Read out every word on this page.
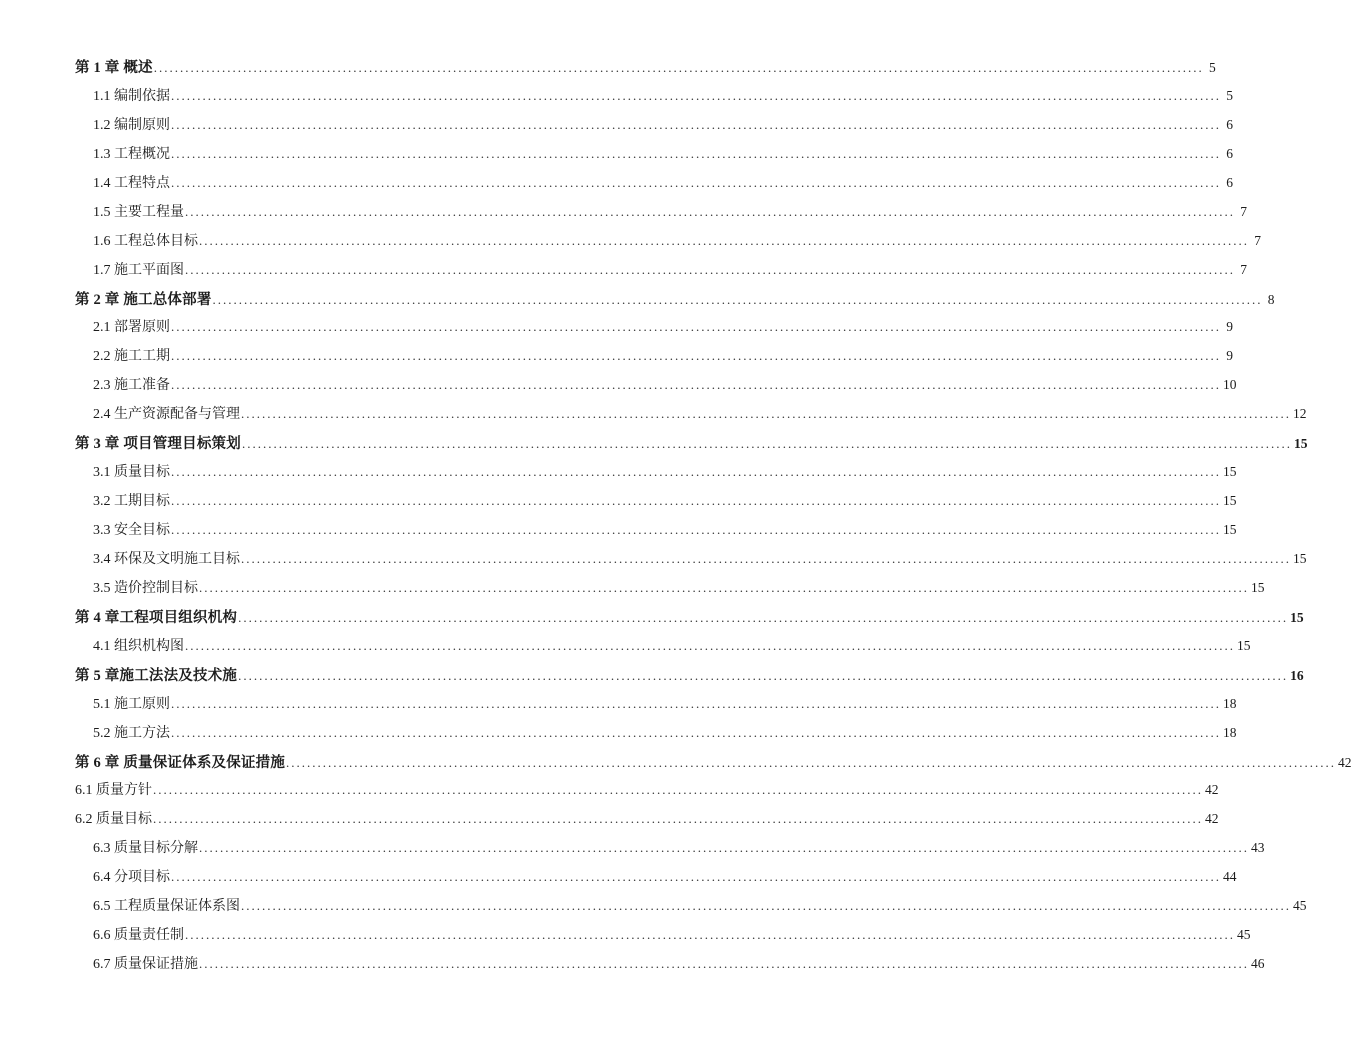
第 1 章 概述 ........................................................................................................................................................................................................ 5
1.1 编制依据 ........................................................................................................................................................................................................ 5
1.2 编制原则 ........................................................................................................................................................................................................ 6
1.3 工程概况 ........................................................................................................................................................................................................ 6
1.4 工程特点 ........................................................................................................................................................................................................ 6
1.5 主要工程量 ........................................................................................................................................................................................................ 7
1.6 工程总体目标 ........................................................................................................................................................................................................ 7
1.7 施工平面图 ........................................................................................................................................................................................................ 7
第 2 章 施工总体部署 ........................................................................................................................................................................................................ 8
2.1 部署原则 ........................................................................................................................................................................................................ 9
2.2 施工工期 ........................................................................................................................................................................................................ 9
2.3 施工准备 ........................................................................................................................................................................................................ 10
2.4 生产资源配备与管理 ........................................................................................................................................................................................................ 12
第 3 章 项目管理目标策划 ........................................................................................................................................................................................................ 15
3.1 质量目标 ........................................................................................................................................................................................................ 15
3.2 工期目标 ........................................................................................................................................................................................................ 15
3.3 安全目标 ........................................................................................................................................................................................................ 15
3.4 环保及文明施工目标 ........................................................................................................................................................................................................ 15
3.5 造价控制目标 ........................................................................................................................................................................................................ 15
第 4 章工程项目组织机构 ........................................................................................................................................................................................................ 15
4.1 组织机构图 ........................................................................................................................................................................................................ 15
第 5 章施工法法及技术施 ........................................................................................................................................................................................................ 16
5.1 施工原则 ........................................................................................................................................................................................................ 18
5.2 施工方法 ........................................................................................................................................................................................................ 18
第 6 章 质量保证体系及保证措施 ........................................................................................................................................................................................................ 42
6.1 质量方针 ........................................................................................................................................................................................................ 42
6.2 质量目标 ........................................................................................................................................................................................................ 42
6.3 质量目标分解 ........................................................................................................................................................................................................ 43
6.4 分项目标 ........................................................................................................................................................................................................ 44
6.5 工程质量保证体系图 ........................................................................................................................................................................................................ 45
6.6 质量责任制 ........................................................................................................................................................................................................ 45
6.7 质量保证措施 ........................................................................................................................................................................................................ 46
